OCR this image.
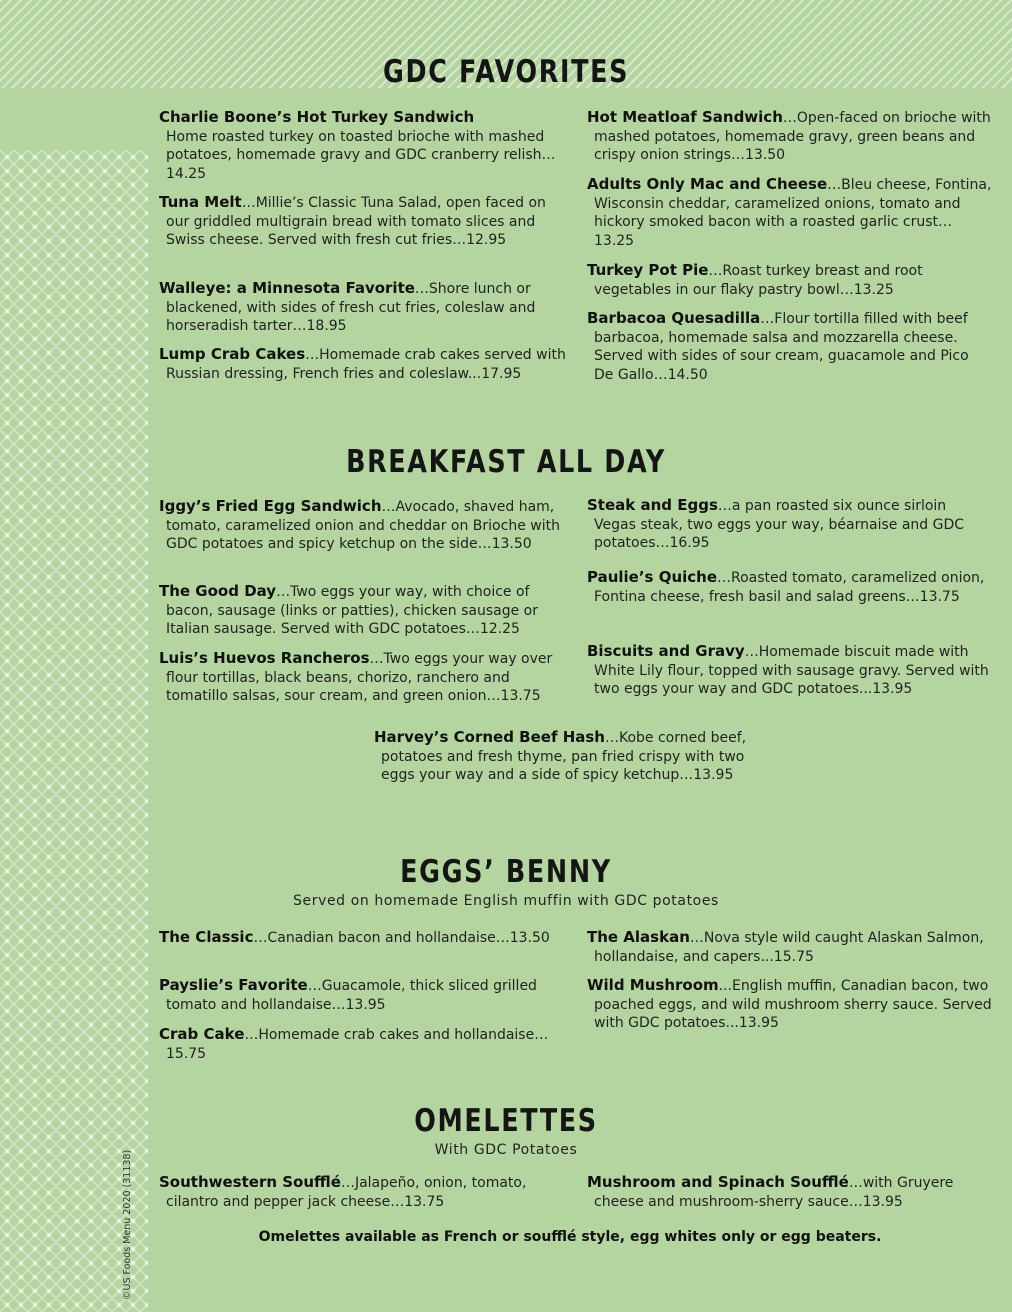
©US Foods Menu 2020 (31138)
GDC FAVORITES
Charlie Boone’s Hot Turkey Sandwich
Home roasted turkey on toasted brioche with mashed potatoes, homemade gravy and GDC cranberry relish…14.25
Tuna Melt…Millie’s Classic Tuna Salad, open faced on our griddled multigrain bread with tomato slices and Swiss cheese. Served with fresh cut fries…12.95
Walleye: a Minnesota Favorite…Shore lunch or blackened, with sides of fresh cut fries, coleslaw and horseradish tarter…18.95
Lump Crab Cakes…Homemade crab cakes served with Russian dressing, French fries and coleslaw...17.95
Hot Meatloaf Sandwich…Open-faced on brioche with mashed potatoes, homemade gravy, green beans and crispy onion strings…13.50
Adults Only Mac and Cheese…Bleu cheese, Fontina, Wisconsin cheddar, caramelized onions, tomato and hickory smoked bacon with a roasted garlic crust…13.25
Turkey Pot Pie…Roast turkey breast and root vegetables in our flaky pastry bowl…13.25
Barbacoa Quesadilla…Flour tortilla filled with beef barbacoa, homemade salsa and mozzarella cheese. Served with sides of sour cream, guacamole and Pico De Gallo…14.50
BREAKFAST ALL DAY
Iggy’s Fried Egg Sandwich…Avocado, shaved ham, tomato, caramelized onion and cheddar on Brioche with GDC potatoes and spicy ketchup on the side…13.50
The Good Day…Two eggs your way, with choice of bacon, sausage (links or patties), chicken sausage or Italian sausage. Served with GDC potatoes…12.25
Luis’s Huevos Rancheros…Two eggs your way over flour tortillas, black beans, chorizo, ranchero and tomatillo salsas, sour cream, and green onion…13.75
Steak and Eggs…a pan roasted six ounce sirloin Vegas steak, two eggs your way, béarnaise and GDC potatoes…16.95
Paulie’s Quiche…Roasted tomato, caramelized onion, Fontina cheese, fresh basil and salad greens…13.75
Biscuits and Gravy…Homemade biscuit made with White Lily flour, topped with sausage gravy. Served with two eggs your way and GDC potatoes...13.95
Harvey’s Corned Beef Hash…Kobe corned beef, potatoes and fresh thyme, pan fried crispy with two eggs your way and a side of spicy ketchup…13.95
EGGS’ BENNY
Served on homemade English muffin with GDC potatoes
The Classic…Canadian bacon and hollandaise…13.50
Payslie’s Favorite…Guacamole, thick sliced grilled tomato and hollandaise…13.95
Crab Cake…Homemade crab cakes and hollandaise…15.75
The Alaskan…Nova style wild caught Alaskan Salmon, hollandaise, and capers...15.75
Wild Mushroom...English muffin, Canadian bacon, two poached eggs, and wild mushroom sherry sauce. Served with GDC potatoes...13.95
OMELETTES
With GDC Potatoes
Southwestern Soufflé…Jalapeño, onion, tomato, cilantro and pepper jack cheese…13.75
Mushroom and Spinach Soufflé…with Gruyere cheese and mushroom-sherry sauce…13.95
Omelettes available as French or soufflé style, egg whites only or egg beaters.
